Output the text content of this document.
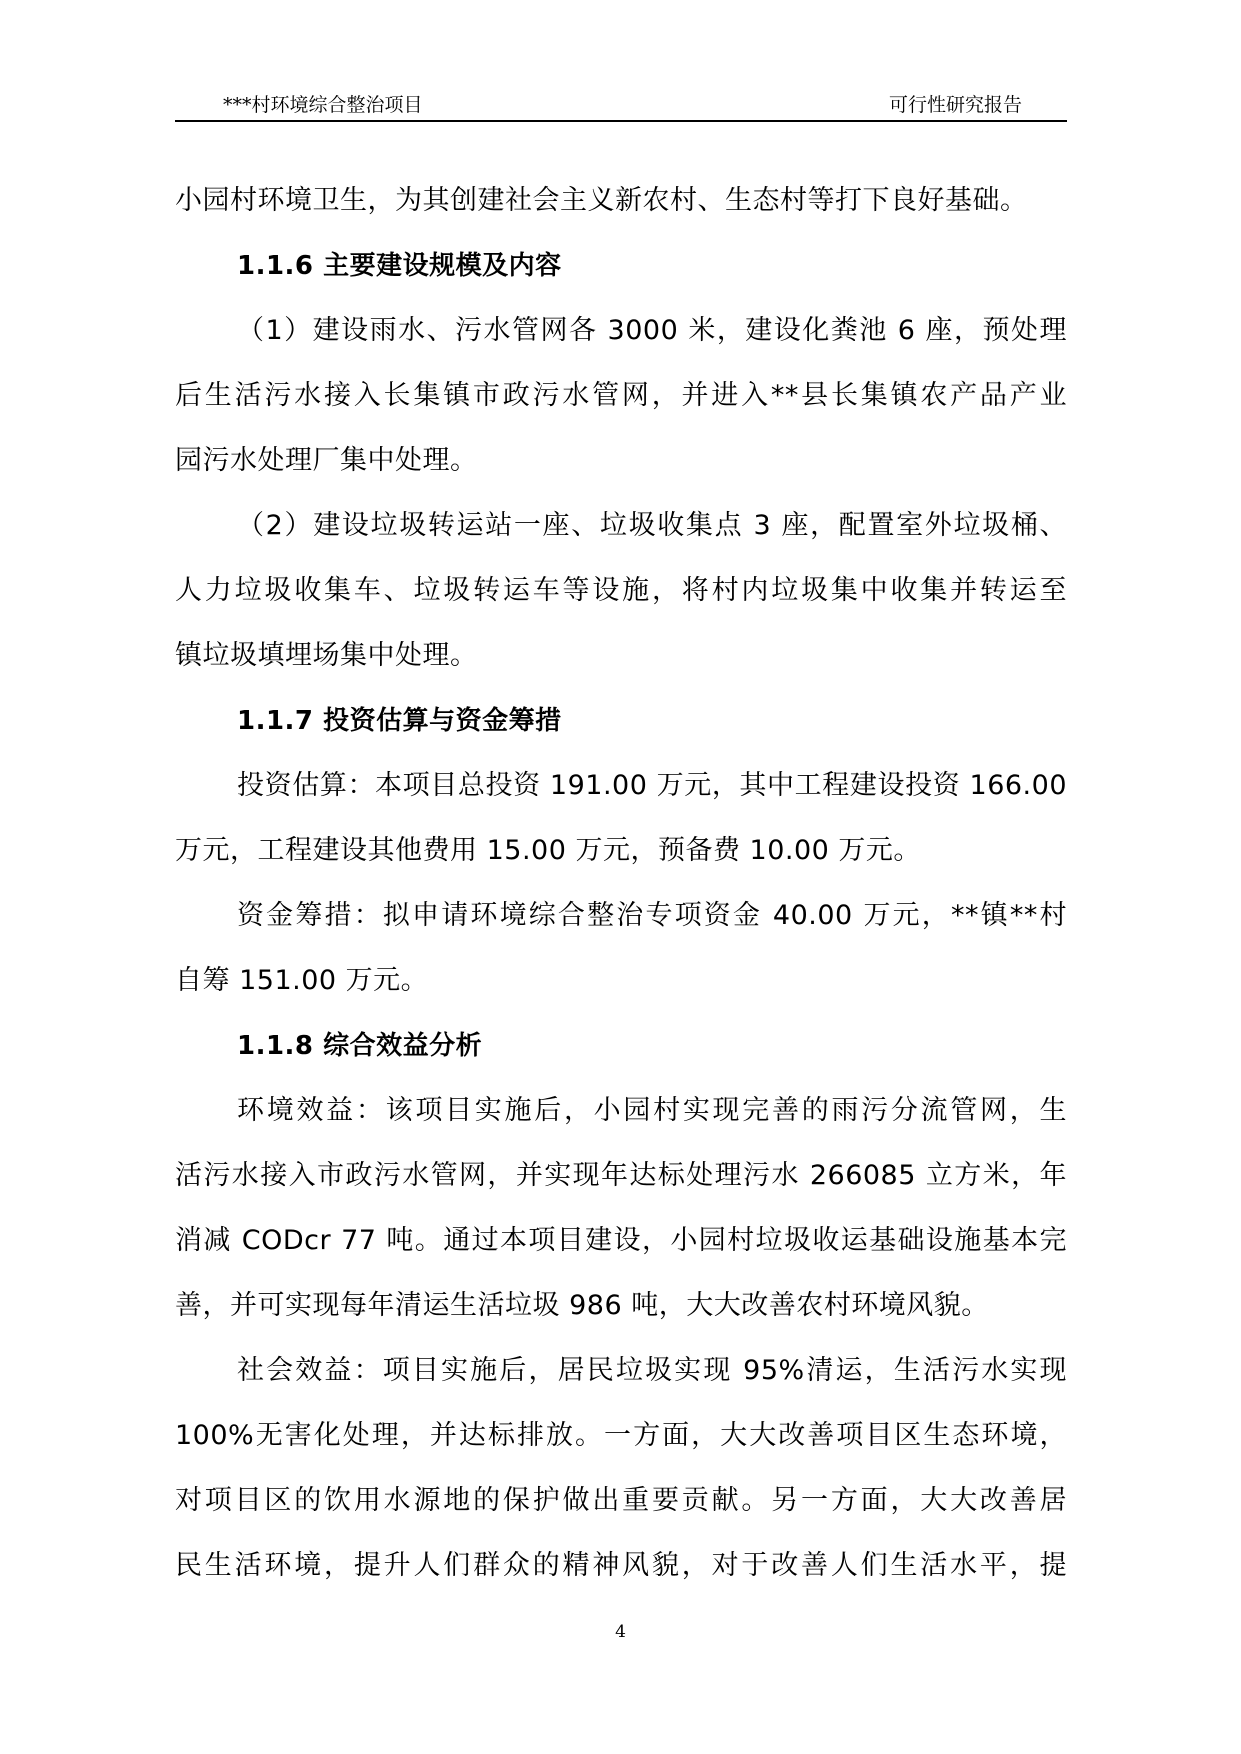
***村环境综合整治项目	可行性研究报告
小园村环境卫生，为其创建社会主义新农村、生态村等打下良好基础。
1.1.6 主要建设规模及内容
（1）建设雨水、污水管网各 3000 米，建设化粪池 6 座，预处理
后生活污水接入长集镇市政污水管网，并进入**县长集镇农产品产业
园污水处理厂集中处理。
（2）建设垃圾转运站一座、垃圾收集点 3 座，配置室外垃圾桶、
人力垃圾收集车、垃圾转运车等设施，将村内垃圾集中收集并转运至
镇垃圾填埋场集中处理。
1.1.7 投资估算与资金筹措
投资估算：本项目总投资 191.00 万元，其中工程建设投资 166.00
万元，工程建设其他费用 15.00 万元，预备费 10.00 万元。
资金筹措：拟申请环境综合整治专项资金 40.00 万元，**镇**村
自筹 151.00 万元。
1.1.8 综合效益分析
环境效益：该项目实施后，小园村实现完善的雨污分流管网，生
活污水接入市政污水管网，并实现年达标处理污水 266085 立方米，年
消减 CODcr 77 吨。通过本项目建设，小园村垃圾收运基础设施基本完
善，并可实现每年清运生活垃圾 986 吨，大大改善农村环境风貌。
社会效益：项目实施后，居民垃圾实现 95%清运，生活污水实现
100%无害化处理，并达标排放。一方面，大大改善项目区生态环境，
对项目区的饮用水源地的保护做出重要贡献。另一方面，大大改善居
民生活环境，提升人们群众的精神风貌，对于改善人们生活水平，提
4
